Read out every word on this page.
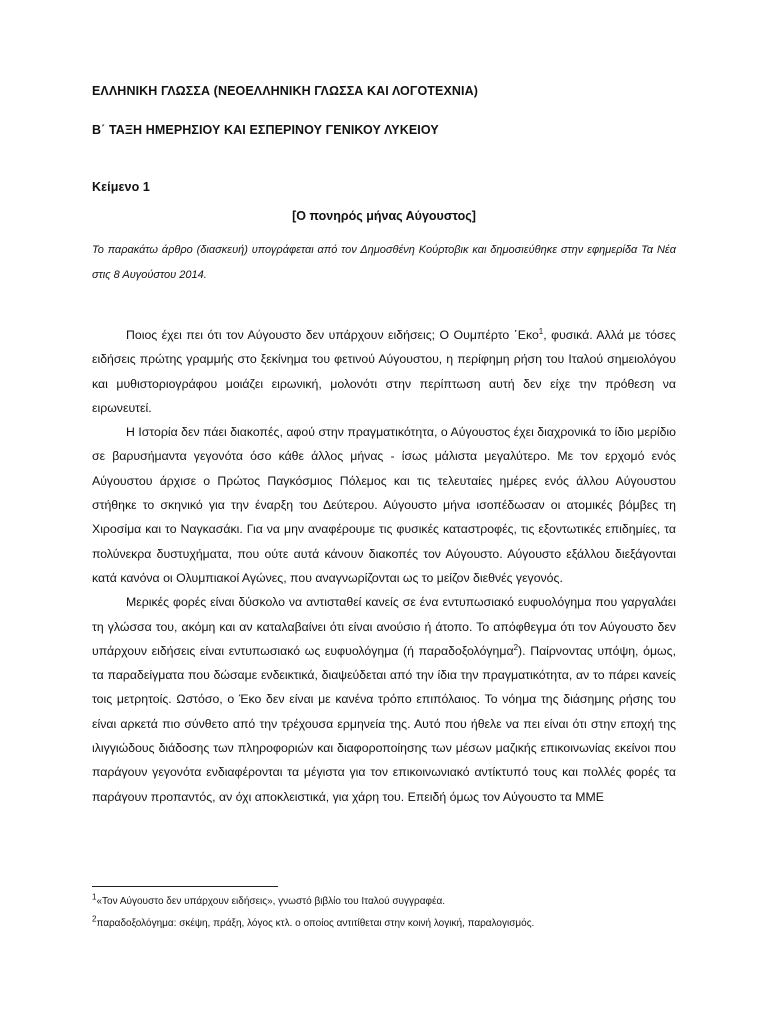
ΕΛΛΗΝΙΚΗ ΓΛΩΣΣΑ (ΝΕΟΕΛΛΗΝΙΚΗ ΓΛΩΣΣΑ ΚΑΙ ΛΟΓΟΤΕΧΝΙΑ)
Β΄ ΤΑΞΗ ΗΜΕΡΗΣΙΟΥ ΚΑΙ ΕΣΠΕΡΙΝΟΥ ΓΕΝΙΚΟΥ ΛΥΚΕΙΟΥ
Κείμενο 1
[Ο πονηρός μήνας Αύγουστος]
Το παρακάτω άρθρο (διασκευή) υπογράφεται από τον Δημοσθένη Κούρτοβικ και δημοσιεύθηκε στην εφημερίδα Τα Νέα στις 8 Αυγούστου 2014.

Ποιος έχει πει ότι τον Αύγουστο δεν υπάρχουν ειδήσεις; Ο Ουμπέρτο ΄Εκο$^1$, φυσικά. Αλλά με τόσες ειδήσεις πρώτης γραμμής στο ξεκίνημα του φετινού Αύγουστου, η περίφημη ρήση του Ιταλού σημειολόγου και μυθιστοριογράφου μοιάζει ειρωνική, μολονότι στην περίπτωση αυτή δεν είχε την πρόθεση να ειρωνευτεί.

Η Ιστορία δεν πάει διακοπές, αφού στην πραγματικότητα, ο Αύγουστος έχει διαχρονικά το ίδιο μερίδιο σε βαρυσήμαντα γεγονότα όσο κάθε άλλος μήνας - ίσως μάλιστα μεγαλύτερο. Με τον ερχομό ενός Αύγουστου άρχισε ο Πρώτος Παγκόσμιος Πόλεμος και τις τελευταίες ημέρες ενός άλλου Αύγουστου στήθηκε το σκηνικό για την έναρξη του Δεύτερου. Αύγουστο μήνα ισοπέδωσαν οι ατομικές βόμβες τη Χιροσίμα και το Ναγκασάκι. Για να μην αναφέρουμε τις φυσικές καταστροφές, τις εξοντωτικές επιδημίες, τα πολύνεκρα δυστυχήματα, που ούτε αυτά κάνουν διακοπές τον Αύγουστο. Αύγουστο εξάλλου διεξάγονται κατά κανόνα οι Ολυμπιακοί Αγώνες, που αναγνωρίζονται ως το μείζον διεθνές γεγονός.

Μερικές φορές είναι δύσκολο να αντισταθεί κανείς σε ένα εντυπωσιακό ευφυολόγημα που γαργαλάει τη γλώσσα του, ακόμη και αν καταλαβαίνει ότι είναι ανούσιο ή άτοπο. Το απόφθεγμα ότι τον Αύγουστο δεν υπάρχουν ειδήσεις είναι εντυπωσιακό ως ευφυολόγημα (ή παραδοξολόγημα$^2$). Παίρνοντας υπόψη, όμως, τα παραδείγματα που δώσαμε ενδεικτικά, διαψεύδεται από την ίδια την πραγματικότητα, αν το πάρει κανείς τοις μετρητοίς. Ωστόσο, ο Έκο δεν είναι με κανένα τρόπο επιπόλαιος. Το νόημα της διάσημης ρήσης του είναι αρκετά πιο σύνθετο από την τρέχουσα ερμηνεία της. Αυτό που ήθελε να πει είναι ότι στην εποχή της ιλιγγιώδους διάδοσης των πληροφοριών και διαφοροποίησης των μέσων μαζικής επικοινωνίας εκείνοι που παράγουν γεγονότα ενδιαφέρονται τα μέγιστα για τον επικοινωνιακό αντίκτυπό τους και πολλές φορές τα παράγουν προπαντός, αν όχι αποκλειστικά, για χάρη του. Επειδή όμως τον Αύγουστο τα ΜΜΕ

$^1$«Τον Αύγουστο δεν υπάρχουν ειδήσεις», γνωστό βιβλίο του Ιταλού συγγραφέα.
$^2$παραδοξολόγημα: σκέψη, πράξη, λόγος κτλ. ο οποίος αντιτίθεται στην κοινή λογική, παραλογισμός.
